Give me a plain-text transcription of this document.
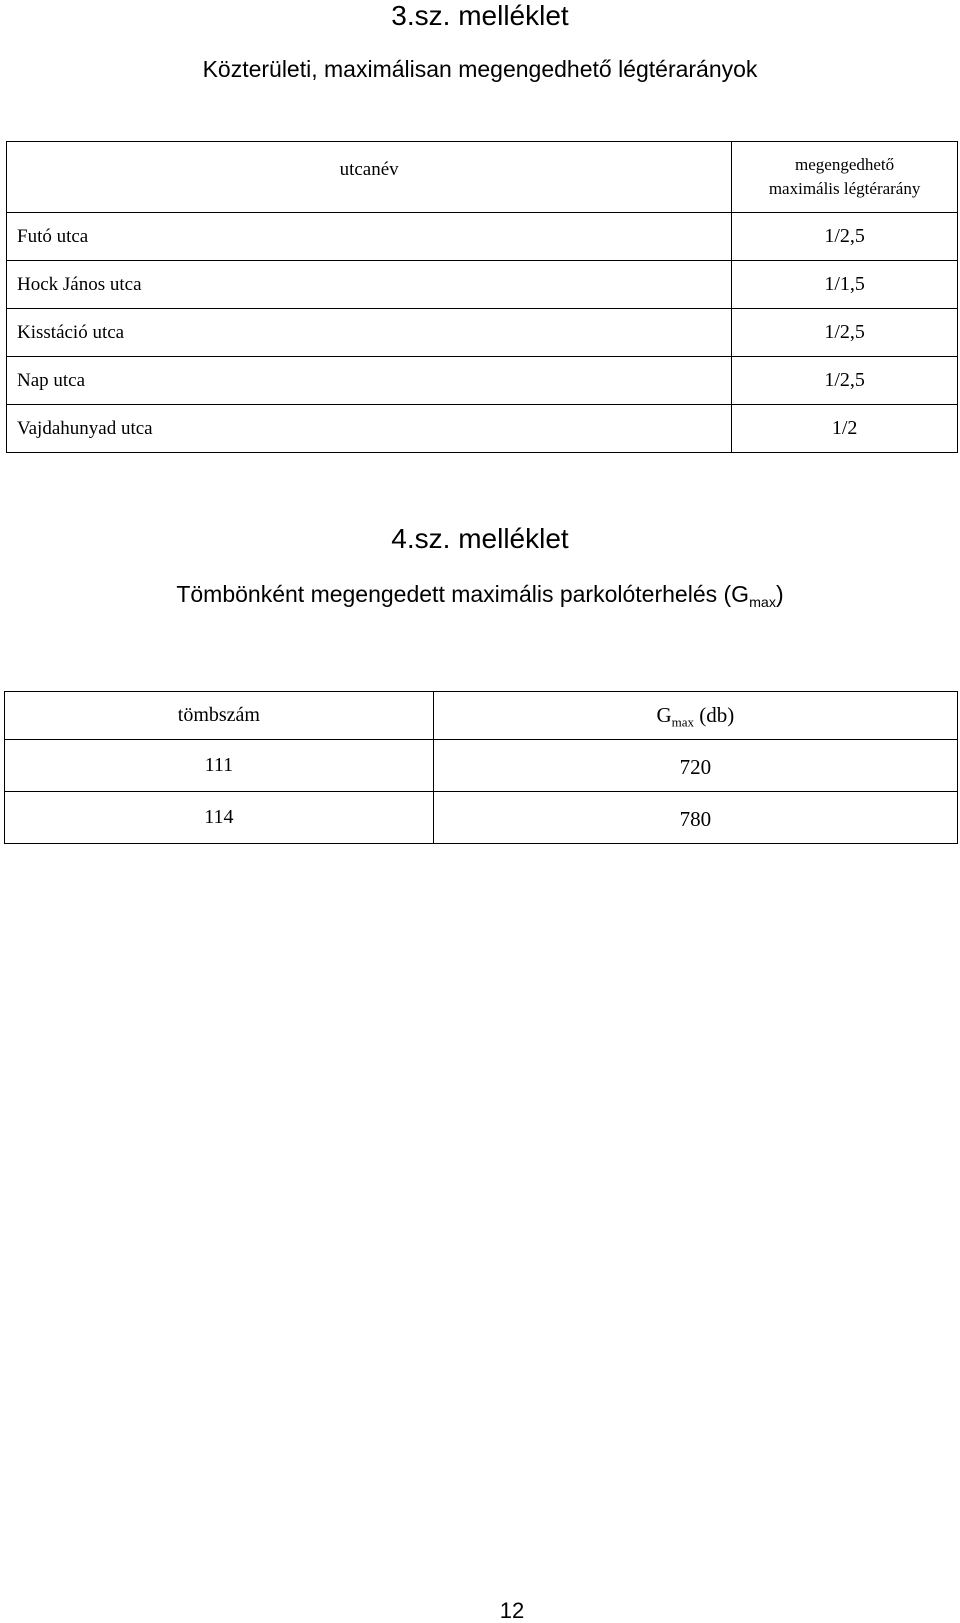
3.sz. melléklet
Közterületi, maximálisan megengedhető légtérarányok
utcanév	megengedhető
maximális légtérarány

Futó utca	1/2,5
Hock János utca	1/1,5
Kisstáció utca	1/2,5
Nap utca	1/2,5
Vajdahunyad utca	1/2
4.sz. melléklet
Tömbönként megengedett maximális parkolóterhelés $(G_{max})$
tömbszám	$G_{max}$ (db)
111	720
114	780
12
